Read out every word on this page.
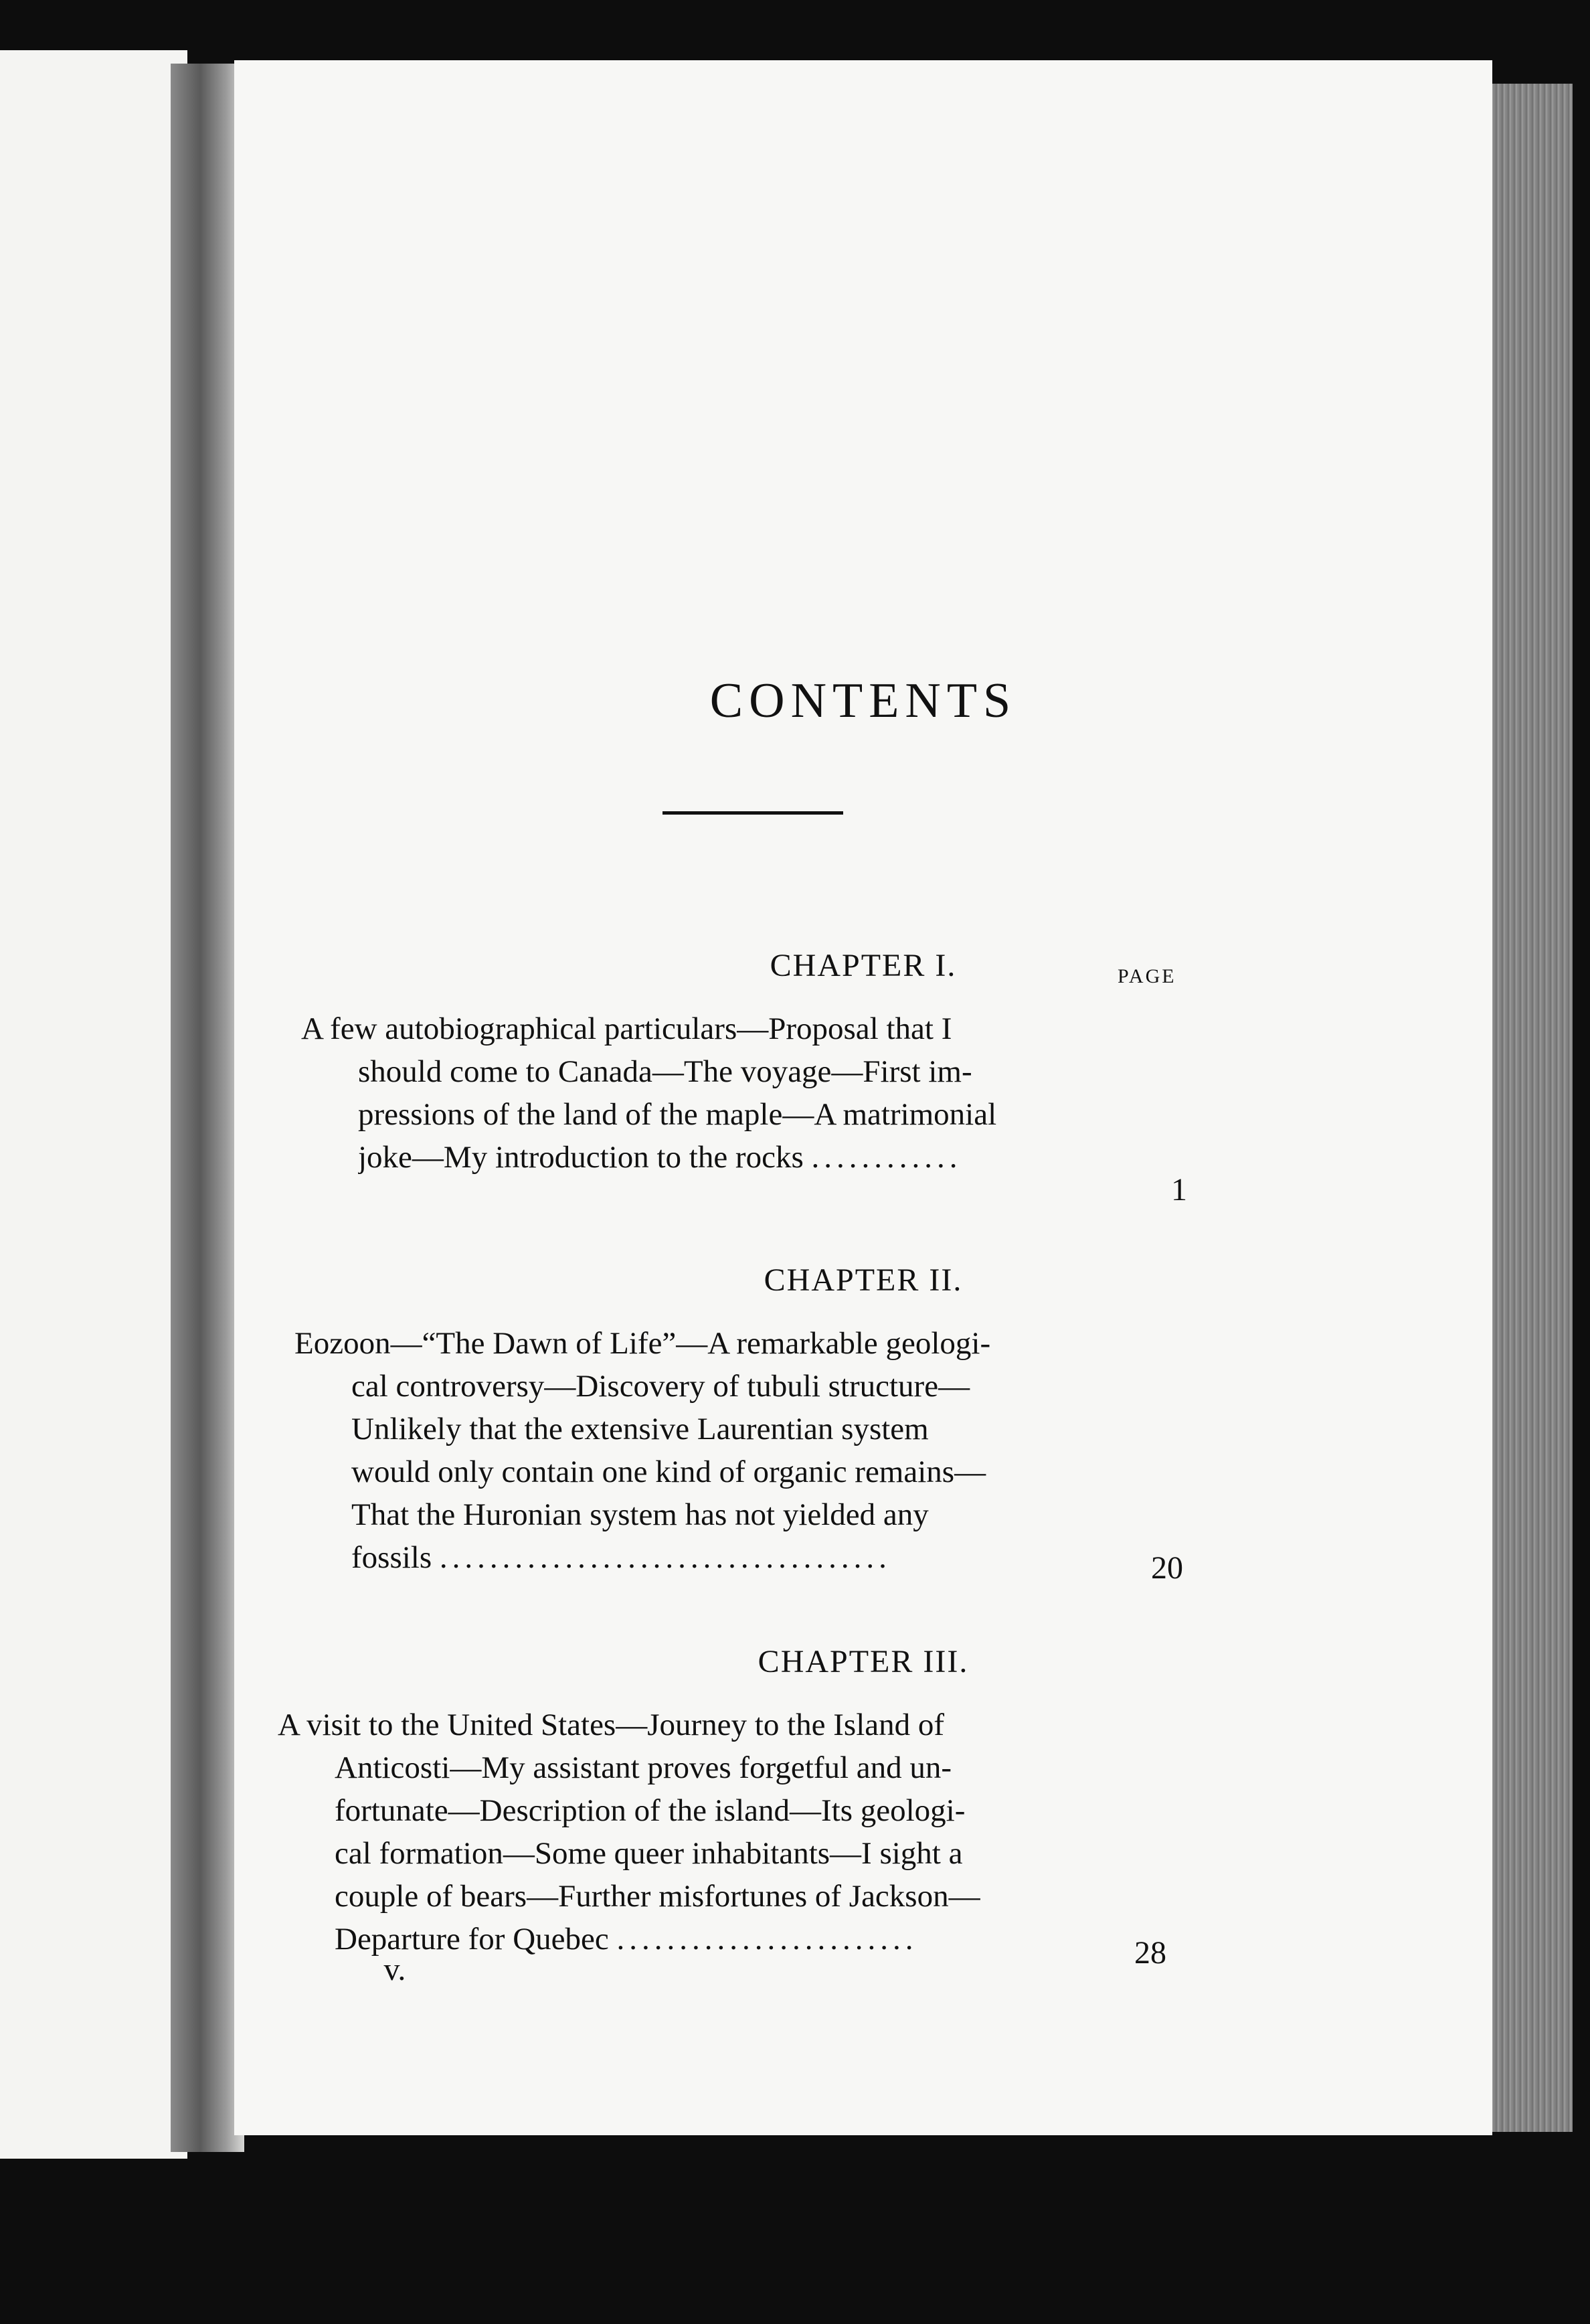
CONTENTS
CHAPTER I.	PAGE
A few autobiographical particulars—Proposal that I
should come to Canada—The voyage—First im-
pressions of the land of the maple—A matrimonial
joke—My introduction to the rocks ............
1
CHAPTER II.
Eozoon—“The Dawn of Life”—A remarkable geologi-
cal controversy—Discovery of tubuli structure—
Unlikely that the extensive Laurentian system
would only contain one kind of organic remains—
That the Huronian system has not yielded any
fossils ....................................	20
CHAPTER III.
A visit to the United States—Journey to the Island of
Anticosti—My assistant proves forgetful and un-
fortunate—Description of the island—Its geologi-
cal formation—Some queer inhabitants—I sight a
couple of bears—Further misfortunes of Jackson—
Departure for Quebec ........................	28
v.
